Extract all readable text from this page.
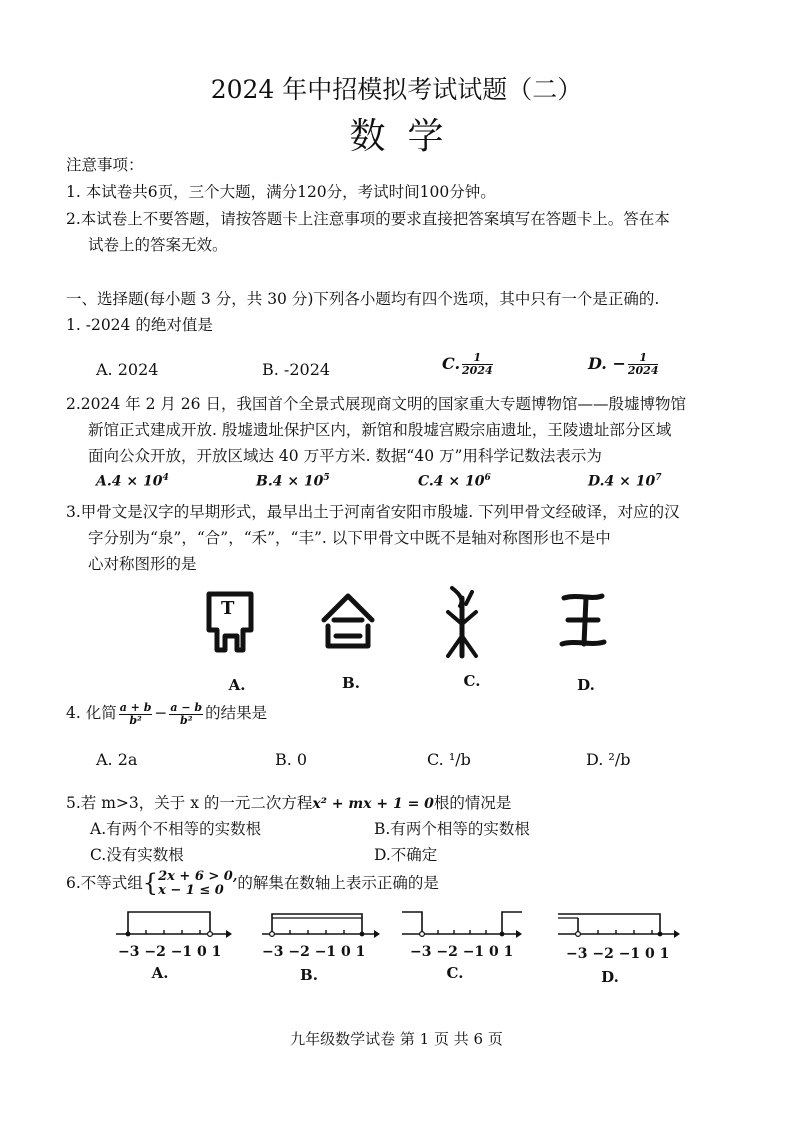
2024 年中招模拟考试试题（二）
数学
注意事项：
1. 本试卷共6页，三个大题，满分120分，考试时间100分钟。
2.本试卷上不要答题，请按答题卡上注意事项的要求直接把答案填写在答题卡上。答在本
试卷上的答案无效。
一、选择题(每小题 3 分，共 30 分)下列各小题均有四个选项，其中只有一个是正确的.
1. -2024 的绝对值是
A. 2024	B. -2024	C. $\frac{1}{2024}$	D. − $\frac{1}{2024}$
2.2024 年 2 月 26 日，我国首个全景式展现商文明的国家重大专题博物馆——殷墟博物馆
新馆正式建成开放. 殷墟遗址保护区内，新馆和殷墟宫殿宗庙遗址，王陵遗址部分区域
面向公众开放，开放区域达 40 万平方米. 数据“40 万”用科学记数法表示为
$A.4 \times 10^4$	$B.4 \times 10^5$	$C.4 \times 10^6$	$D.4 \times 10^7$
3.甲骨文是汉字的早期形式，最早出土于河南省安阳市殷墟. 下列甲骨文经破译，对应的汉
字分别为“泉”，“合”，“禾”，“丰”. 以下甲骨文中既不是轴对称图形也不是中
心对称图形的是
T
A.	B.	C.	D.
4. 化简 $\frac{a + b}{\text{b²}} - \frac{a - b}{\text{b²}}$ 的结果是
A. 2a	B. 0	C. ¹/b	D. ²/b
5.若 m>3，关于 x 的一元二次方程x² + mx + 1 = 0根的情况是
A.有两个不相等的实数根	B.有两个相等的实数根
C.没有实数根	D.不确定
6.不等式组{ 2x + 6 > 0,
x − 1 ≤ 0 的解集在数轴上表示正确的是
−3 −2 −1 0 1
A.
−3 −2 −1 0 1
B.
−3 −2 −1 0 1
C.
−3 −2 −1 0 1
D.
九年级数学试卷 第 1 页 共 6 页
